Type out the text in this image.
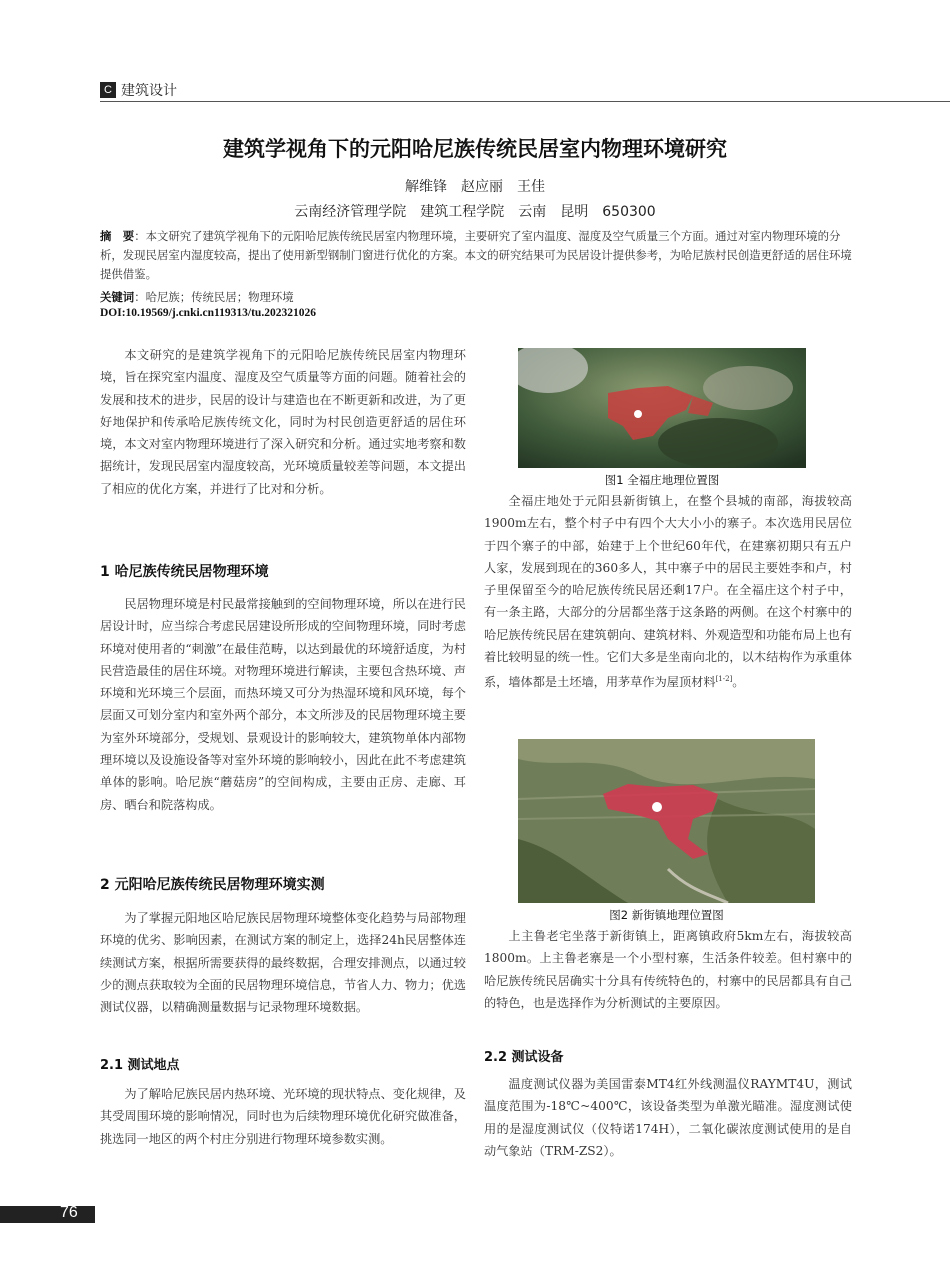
C 建筑设计
建筑学视角下的元阳哈尼族传统民居室内物理环境研究
解维锋　赵应丽　王佳
云南经济管理学院　建筑工程学院　云南　昆明　650300
摘　要：本文研究了建筑学视角下的元阳哈尼族传统民居室内物理环境，主要研究了室内温度、湿度及空气质量三个方面。通过对室内物理环境的分析，发现民居室内湿度较高，提出了使用新型钢制门窗进行优化的方案。本文的研究结果可为民居设计提供参考，为哈尼族村民创造更舒适的居住环境提供借鉴。
关键词：哈尼族；传统民居；物理环境
DOI:10.19569/j.cnki.cn119313/tu.202321026

本文研究的是建筑学视角下的元阳哈尼族传统民居室内物理环境，旨在探究室内温度、湿度及空气质量等方面的问题。随着社会的发展和技术的进步，民居的设计与建造也在不断更新和改进，为了更好地保护和传承哈尼族传统文化，同时为村民创造更舒适的居住环境，本文对室内物理环境进行了深入研究和分析。通过实地考察和数据统计，发现民居室内湿度较高，光环境质量较差等问题，本文提出了相应的优化方案，并进行了比对和分析。

1 哈尼族传统民居物理环境

民居物理环境是村民最常接触到的空间物理环境，所以在进行民居设计时，应当综合考虑民居建设所形成的空间物理环境，同时考虑环境对使用者的“刺激”在最佳范畴，以达到最优的环境舒适度，为村民营造最佳的居住环境。对物理环境进行解读，主要包含热环境、声环境和光环境三个层面，而热环境又可分为热湿环境和风环境，每个层面又可划分室内和室外两个部分，本文所涉及的民居物理环境主要为室外环境部分，受规划、景观设计的影响较大，建筑物单体内部物理环境以及设施设备等对室外环境的影响较小，因此在此不考虑建筑单体的影响。哈尼族“蘑菇房”的空间构成，主要由正房、走廊、耳房、晒台和院落构成。

2 元阳哈尼族传统民居物理环境实测

为了掌握元阳地区哈尼族民居物理环境整体变化趋势与局部物理环境的优劣、影响因素，在测试方案的制定上，选择24h民居整体连续测试方案，根据所需要获得的最终数据，合理安排测点，以通过较少的测点获取较为全面的民居物理环境信息，节省人力、物力；优选测试仪器，以精确测量数据与记录物理环境数据。

2.1 测试地点

为了解哈尼族民居内热环境、光环境的现状特点、变化规律，及其受周围环境的影响情况，同时也为后续物理环境优化研究做准备，挑选同一地区的两个村庄分别进行物理环境参数实测。

图1 全福庄地理位置图

全福庄地处于元阳县新街镇上，在整个县城的南部，海拔较高1900m左右，整个村子中有四个大大小小的寨子。本次选用民居位于四个寨子的中部，始建于上个世纪60年代，在建寨初期只有五户人家，发展到现在的360多人，其中寨子中的居民主要姓李和卢，村子里保留至今的哈尼族传统民居还剩17户。在全福庄这个村子中，有一条主路，大部分的分居都坐落于这条路的两侧。在这个村寨中的哈尼族传统民居在建筑朝向、建筑材料、外观造型和功能布局上也有着比较明显的统一性。它们大多是坐南向北的，以木结构作为承重体系，墙体都是土坯墙，用茅草作为屋顶材料[1-2]。

图2 新街镇地理位置图

上主鲁老宅坐落于新街镇上，距离镇政府5km左右，海拔较高1800m。上主鲁老寨是一个小型村寨，生活条件较差。但村寨中的哈尼族传统民居确实十分具有传统特色的，村寨中的民居都具有自己的特色，也是选择作为分析测试的主要原因。

2.2 测试设备

温度测试仪器为美国雷泰MT4红外线测温仪RAYMT4U，测试温度范围为-18℃~400℃，该设备类型为单激光瞄准。湿度测试使用的是湿度测试仪（仪特诺174H），二氧化碳浓度测试使用的是自动气象站（TRM-ZS2）。

76
